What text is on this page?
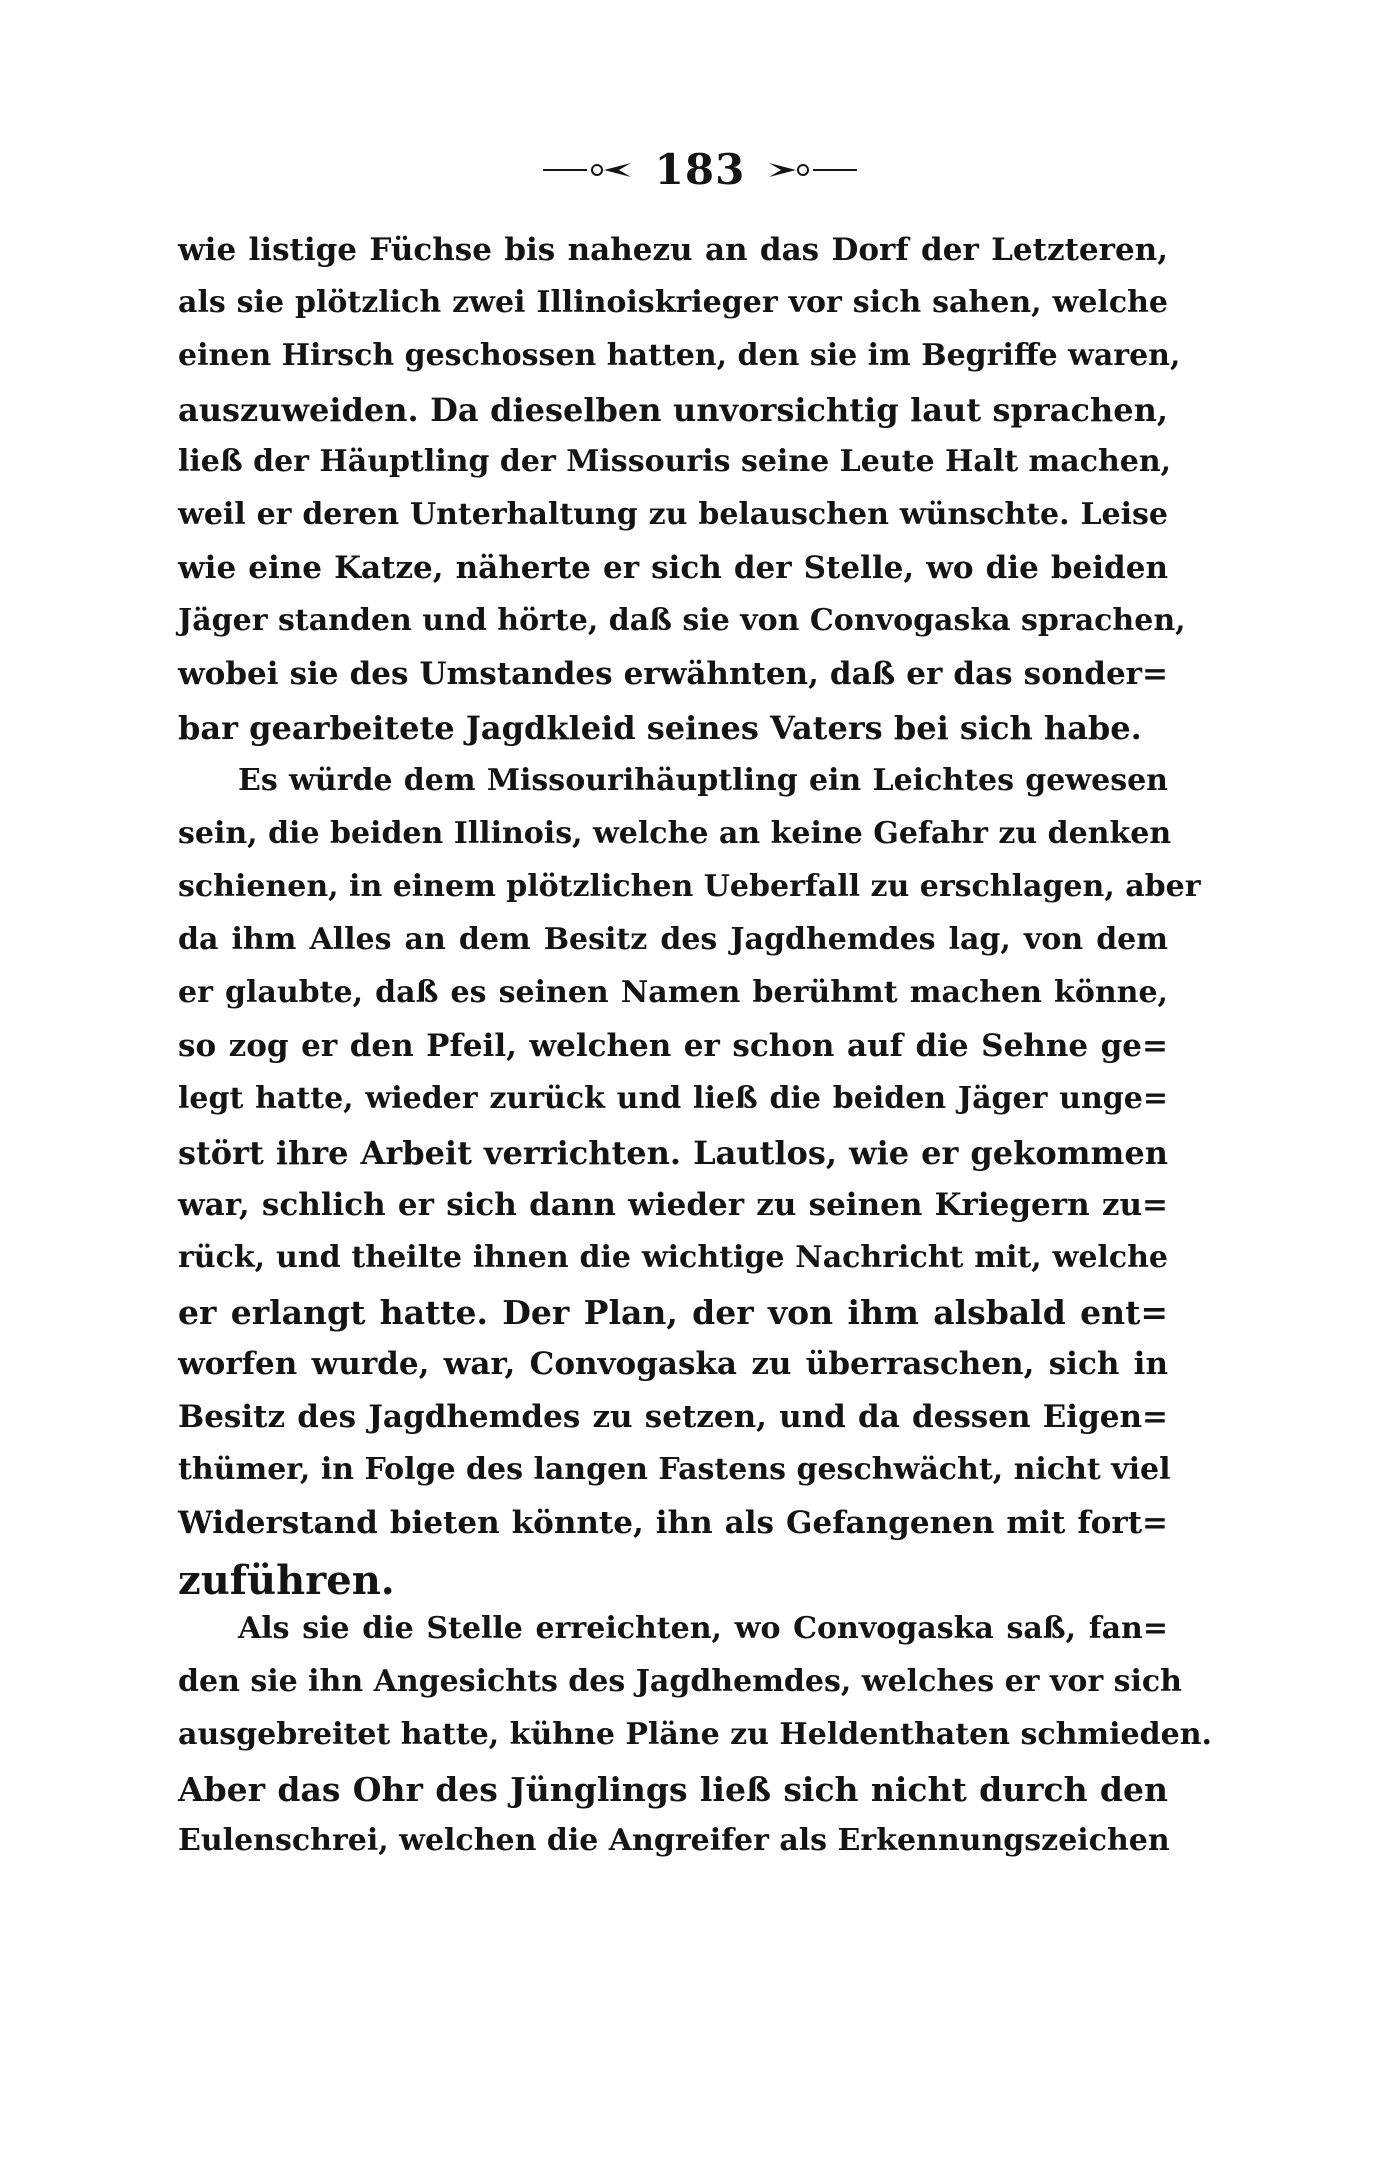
183
wie listige Füchse bis nahezu an das Dorf der Letzteren,
als sie plötzlich zwei Illinoiskrieger vor sich sahen, welche
einen Hirsch geschossen hatten, den sie im Begriffe waren,
auszuweiden. Da dieselben unvorsichtig laut sprachen,
ließ der Häuptling der Missouris seine Leute Halt machen,
weil er deren Unterhaltung zu belauschen wünschte. Leise
wie eine Katze, näherte er sich der Stelle, wo die beiden
Jäger standen und hörte, daß sie von Convogaska sprachen,
wobei sie des Umstandes erwähnten, daß er das sonder=
bar gearbeitete Jagdkleid seines Vaters bei sich habe.
Es würde dem Missourihäuptling ein Leichtes gewesen
sein, die beiden Illinois, welche an keine Gefahr zu denken
schienen, in einem plötzlichen Ueberfall zu erschlagen, aber
da ihm Alles an dem Besitz des Jagdhemdes lag, von dem
er glaubte, daß es seinen Namen berühmt machen könne,
so zog er den Pfeil, welchen er schon auf die Sehne ge=
legt hatte, wieder zurück und ließ die beiden Jäger unge=
stört ihre Arbeit verrichten. Lautlos, wie er gekommen
war, schlich er sich dann wieder zu seinen Kriegern zu=
rück, und theilte ihnen die wichtige Nachricht mit, welche
er erlangt hatte. Der Plan, der von ihm alsbald ent=
worfen wurde, war, Convogaska zu überraschen, sich in
Besitz des Jagdhemdes zu setzen, und da dessen Eigen=
thümer, in Folge des langen Fastens geschwächt, nicht viel
Widerstand bieten könnte, ihn als Gefangenen mit fort=
zuführen.
Als sie die Stelle erreichten, wo Convogaska saß, fan=
den sie ihn Angesichts des Jagdhemdes, welches er vor sich
ausgebreitet hatte, kühne Pläne zu Heldenthaten schmieden.
Aber das Ohr des Jünglings ließ sich nicht durch den
Eulenschrei, welchen die Angreifer als Erkennungszeichen
